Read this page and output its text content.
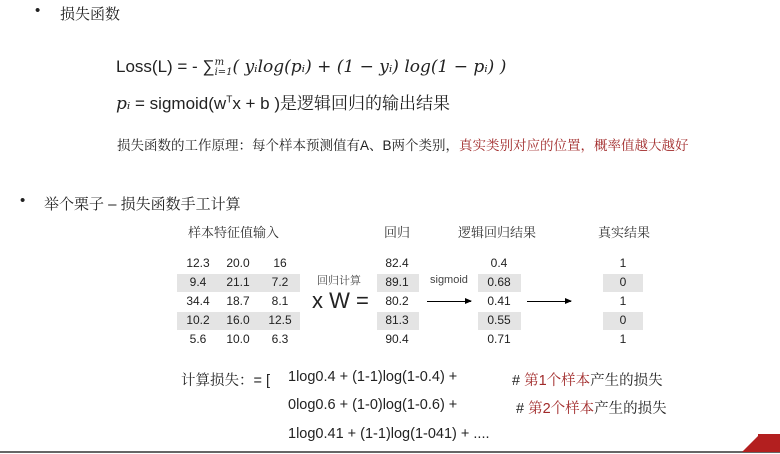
• 损失函数
Loss(L) = - ∑ m
i=1 ( yᵢlog(pᵢ) + (1 − yᵢ) log(1 − pᵢ) )
pᵢ = $sigmoid(w^Tx + b$ )是逻辑回归的输出结果
损失函数的工作原理：每个样本预测值有A、B两个类别，真实类别对应的位置，概率值越大越好
• 举个栗子 – 损失函数手工计算
样本特征值输入	回归	逻辑回归结果	真实结果
12.3	20.0	16	82.4	0.4	1
9.4	21.1	7.2	89.1	0.68	0
34.4	18.7	8.1	80.2	0.41	1
10.2	16.0	12.5	81.3	0.55	0
5.6	10.0	6.3	90.4	0.71	1
回归计算
x W =
sigmoid
计算损失：= [ 1log0.4 + (1-1)log(1-0.4) +	# 第1个样本产生的损失
0log0.6 + (1-0)log(1-0.6) +	# 第2个样本产生的损失
1log0.41 + (1-1)log(1-041) + ....
